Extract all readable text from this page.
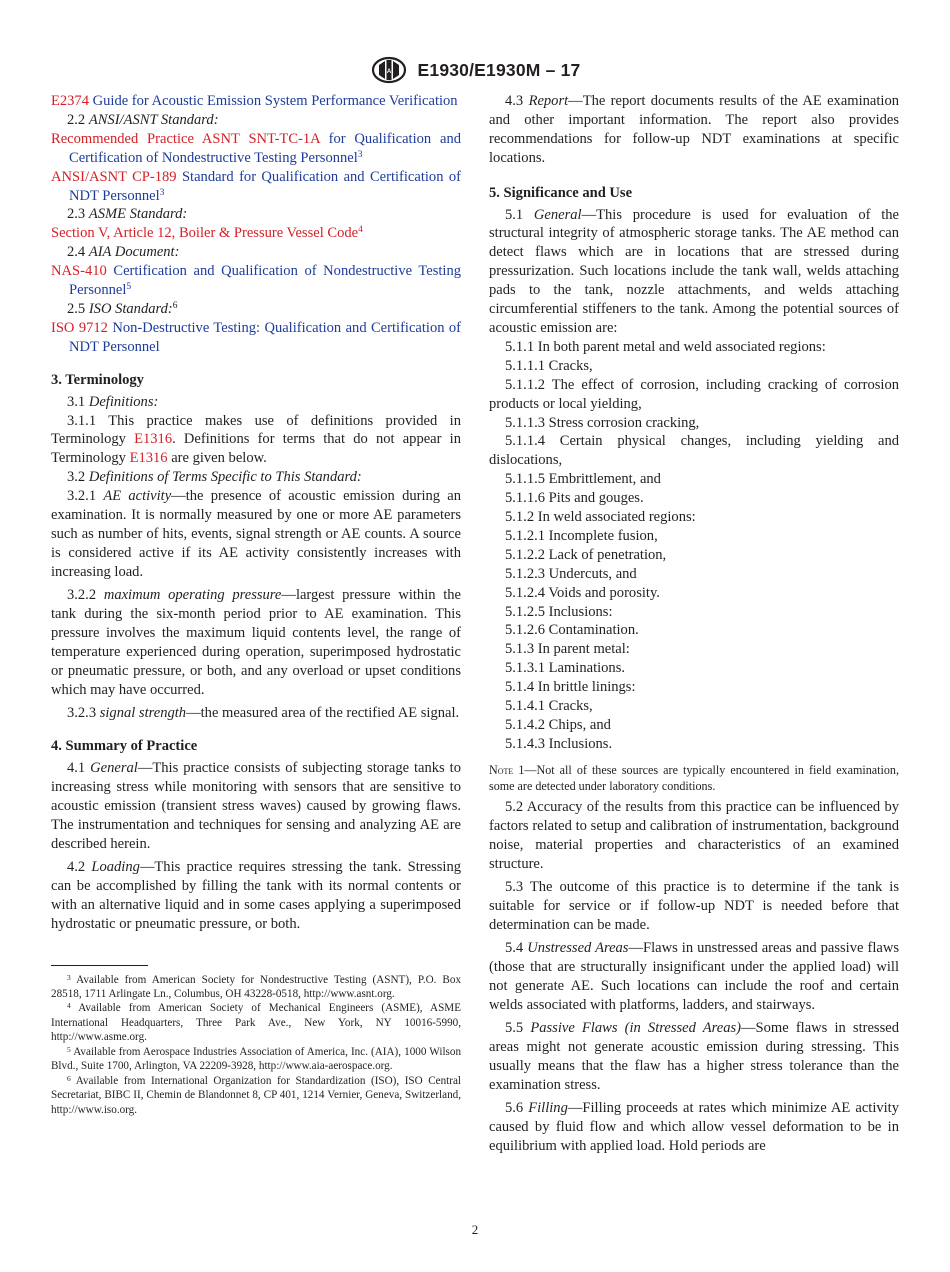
A E1930/E1930M – 17

E2374 Guide for Acoustic Emission System Performance Verification

2.2 ANSI/ASNT Standard:

Recommended Practice ASNT SNT-TC-1A for Qualification and Certification of Nondestructive Testing Personnel$^3$

ANSI/ASNT CP-189 Standard for Qualification and Certification of NDT Personnel$^3$

2.3 ASME Standard:

Section V, Article 12, Boiler & Pressure Vessel Code$^4$

2.4 AIA Document:

NAS-410 Certification and Qualification of Nondestructive Testing Personnel$^5$

2.5 ISO Standard:$^6$

ISO 9712 Non-Destructive Testing: Qualification and Certification of NDT Personnel

3. Terminology

3.1 Definitions:

3.1.1 This practice makes use of definitions provided in Terminology E1316. Definitions for terms that do not appear in Terminology E1316 are given below.

3.2 Definitions of Terms Specific to This Standard:

3.2.1 AE activity—the presence of acoustic emission during an examination. It is normally measured by one or more AE parameters such as number of hits, events, signal strength or AE counts. A source is considered active if its AE activity consistently increases with increasing load.

3.2.2 maximum operating pressure—largest pressure within the tank during the six-month period prior to AE examination. This pressure involves the maximum liquid contents level, the range of temperature experienced during operation, superimposed hydrostatic or pneumatic pressure, or both, and any overload or upset conditions which may have occurred.

3.2.3 signal strength—the measured area of the rectified AE signal.

4. Summary of Practice

4.1 General—This practice consists of subjecting storage tanks to increasing stress while monitoring with sensors that are sensitive to acoustic emission (transient stress waves) caused by growing flaws. The instrumentation and techniques for sensing and analyzing AE are described herein.

4.2 Loading—This practice requires stressing the tank. Stressing can be accomplished by filling the tank with its normal contents or with an alternative liquid and in some cases applying a superimposed hydrostatic or pneumatic pressure, or both.

$^3$ Available from American Society for Nondestructive Testing (ASNT), P.O. Box 28518, 1711 Arlingate Ln., Columbus, OH 43228-0518, http://www.asnt.org.

$^4$ Available from American Society of Mechanical Engineers (ASME), ASME International Headquarters, Three Park Ave., New York, NY 10016-5990, http://www.asme.org.

$^5$ Available from Aerospace Industries Association of America, Inc. (AIA), 1000 Wilson Blvd., Suite 1700, Arlington, VA 22209-3928, http://www.aia-aerospace.org.

$^6$ Available from International Organization for Standardization (ISO), ISO Central Secretariat, BIBC II, Chemin de Blandonnet 8, CP 401, 1214 Vernier, Geneva, Switzerland, http://www.iso.org.

4.3 Report—The report documents results of the AE examination and other important information. The report also provides recommendations for follow-up NDT examinations at specific locations.

5. Significance and Use

5.1 General—This procedure is used for evaluation of the structural integrity of atmospheric storage tanks. The AE method can detect flaws which are in locations that are stressed during pressurization. Such locations include the tank wall, welds attaching pads to the tank, nozzle attachments, and welds attaching circumferential stiffeners to the tank. Among the potential sources of acoustic emission are:

5.1.1 In both parent metal and weld associated regions:

5.1.1.1 Cracks,

5.1.1.2 The effect of corrosion, including cracking of corrosion products or local yielding,

5.1.1.3 Stress corrosion cracking,

5.1.1.4 Certain physical changes, including yielding and dislocations,

5.1.1.5 Embrittlement, and

5.1.1.6 Pits and gouges.

5.1.2 In weld associated regions:

5.1.2.1 Incomplete fusion,

5.1.2.2 Lack of penetration,

5.1.2.3 Undercuts, and

5.1.2.4 Voids and porosity.

5.1.2.5 Inclusions:

5.1.2.6 Contamination.

5.1.3 In parent metal:

5.1.3.1 Laminations.

5.1.4 In brittle linings:

5.1.4.1 Cracks,

5.1.4.2 Chips, and

5.1.4.3 Inclusions.

Note 1—Not all of these sources are typically encountered in field examination, some are detected under laboratory conditions.

5.2 Accuracy of the results from this practice can be influenced by factors related to setup and calibration of instrumentation, background noise, material properties and characteristics of an examined structure.

5.3 The outcome of this practice is to determine if the tank is suitable for service or if follow-up NDT is needed before that determination can be made.

5.4 Unstressed Areas—Flaws in unstressed areas and passive flaws (those that are structurally insignificant under the applied load) will not generate AE. Such locations can include the roof and certain welds associated with platforms, ladders, and stairways.

5.5 Passive Flaws (in Stressed Areas)—Some flaws in stressed areas might not generate acoustic emission during stressing. This usually means that the flaw has a higher stress tolerance than the examination stress.

5.6 Filling—Filling proceeds at rates which minimize AE activity caused by fluid flow and which allow vessel deformation to be in equilibrium with applied load. Hold periods are

2
